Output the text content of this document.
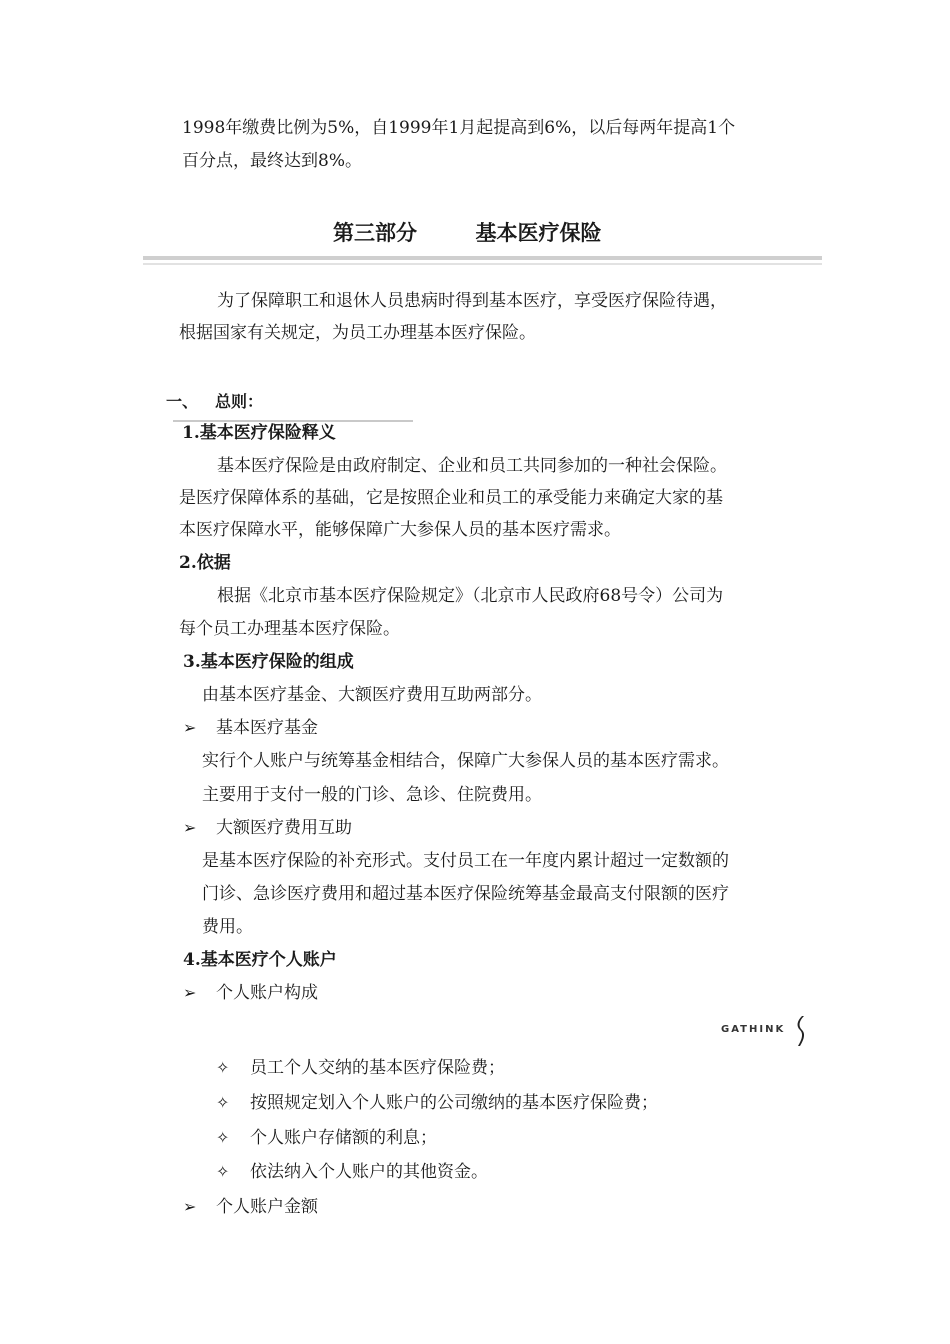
1998年缴费比例为5%，自1999年1月起提高到6%，以后每两年提高1个
百分点，最终达到8%。
第三部分        基本医疗保险
为了保障职工和退休人员患病时得到基本医疗，享受医疗保险待遇，
根据国家有关规定，为员工办理基本医疗保险。
一、 总则：
1.基本医疗保险释义
基本医疗保险是由政府制定、企业和员工共同参加的一种社会保险。
是医疗保障体系的基础，它是按照企业和员工的承受能力来确定大家的基
本医疗保障水平，能够保障广大参保人员的基本医疗需求。
2.依据
根据《北京市基本医疗保险规定》（北京市人民政府68号令）公司为
每个员工办理基本医疗保险。
3.基本医疗保险的组成
由基本医疗基金、大额医疗费用互助两部分。
➢ 基本医疗基金
实行个人账户与统筹基金相结合，保障广大参保人员的基本医疗需求。
主要用于支付一般的门诊、急诊、住院费用。
➢ 大额医疗费用互助
是基本医疗保险的补充形式。支付员工在一年度内累计超过一定数额的
门诊、急诊医疗费用和超过基本医疗保险统筹基金最高支付限额的医疗
费用。
4.基本医疗个人账户
➢ 个人账户构成
GATHINK
✧ 员工个人交纳的基本医疗保险费；
✧ 按照规定划入个人账户的公司缴纳的基本医疗保险费；
✧ 个人账户存储额的利息；
✧ 依法纳入个人账户的其他资金。
➢ 个人账户金额
